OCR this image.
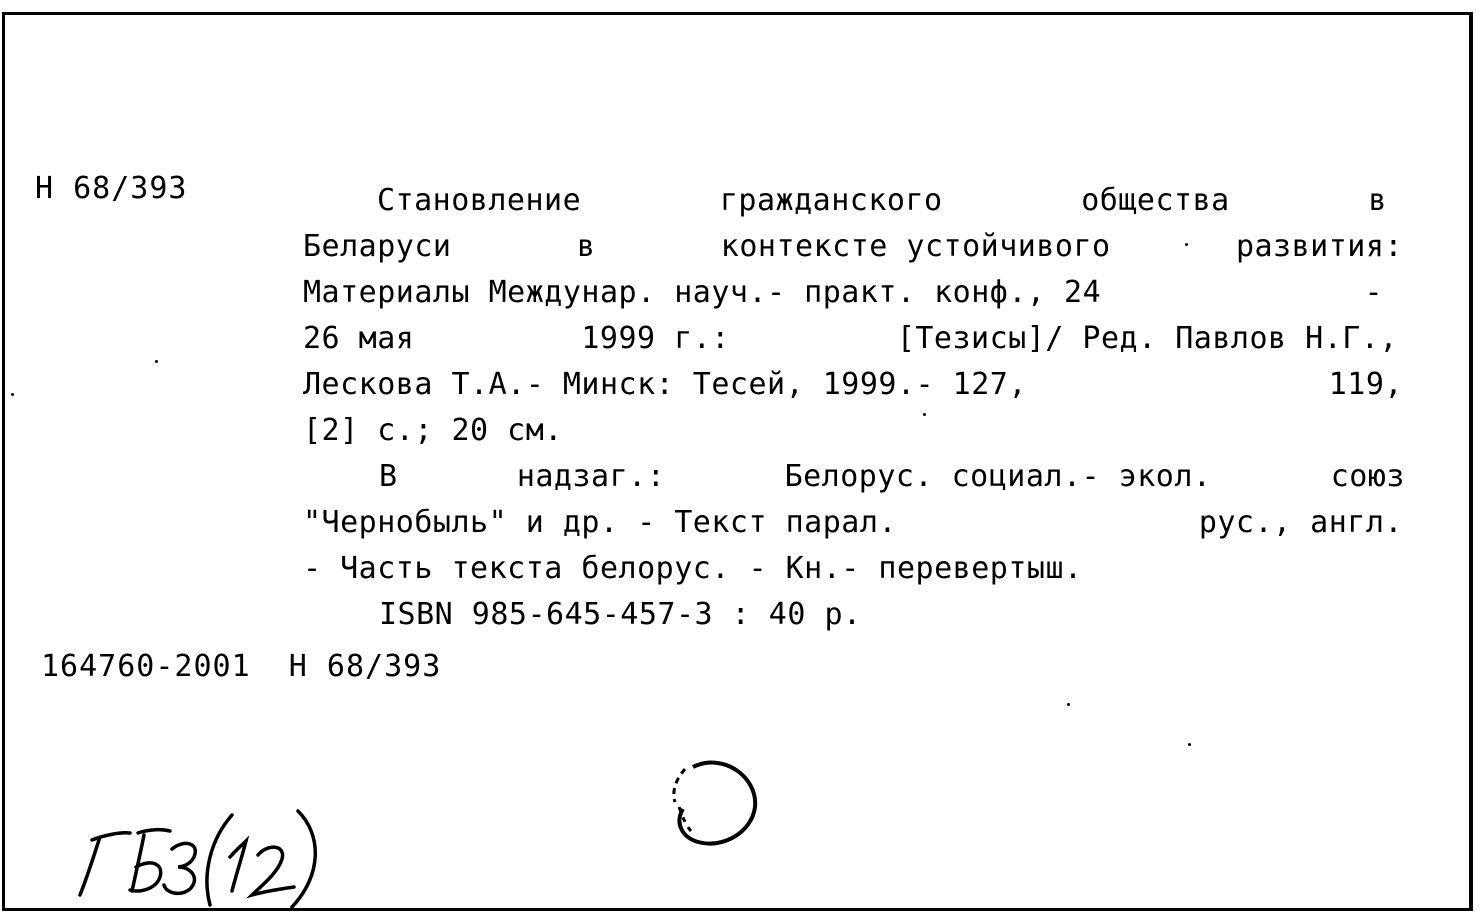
Н 68/393	Становление	гражданского	общества	в
Беларуси	в	контексте устойчивого	развития:
Материалы Междунар. науч.- практ. конф., 24	-
26 мая	1999 г.:	[Тезисы]/ Ред. Павлов Н.Г.,
Лесковa Т.А.- Минск: Тесей, 1999.- 127,	119,
[2] с.; 20 см.
В	надзаг.:	Белорус. социал.- экол.	союз
"Чернобыль" и др. - Текст парал.	рус., англ.
- Часть текста белорус. - Кн.- перевертыш.
ISBN 985-645-457-3 : 40 р.
164760-2001  Н 68/393
